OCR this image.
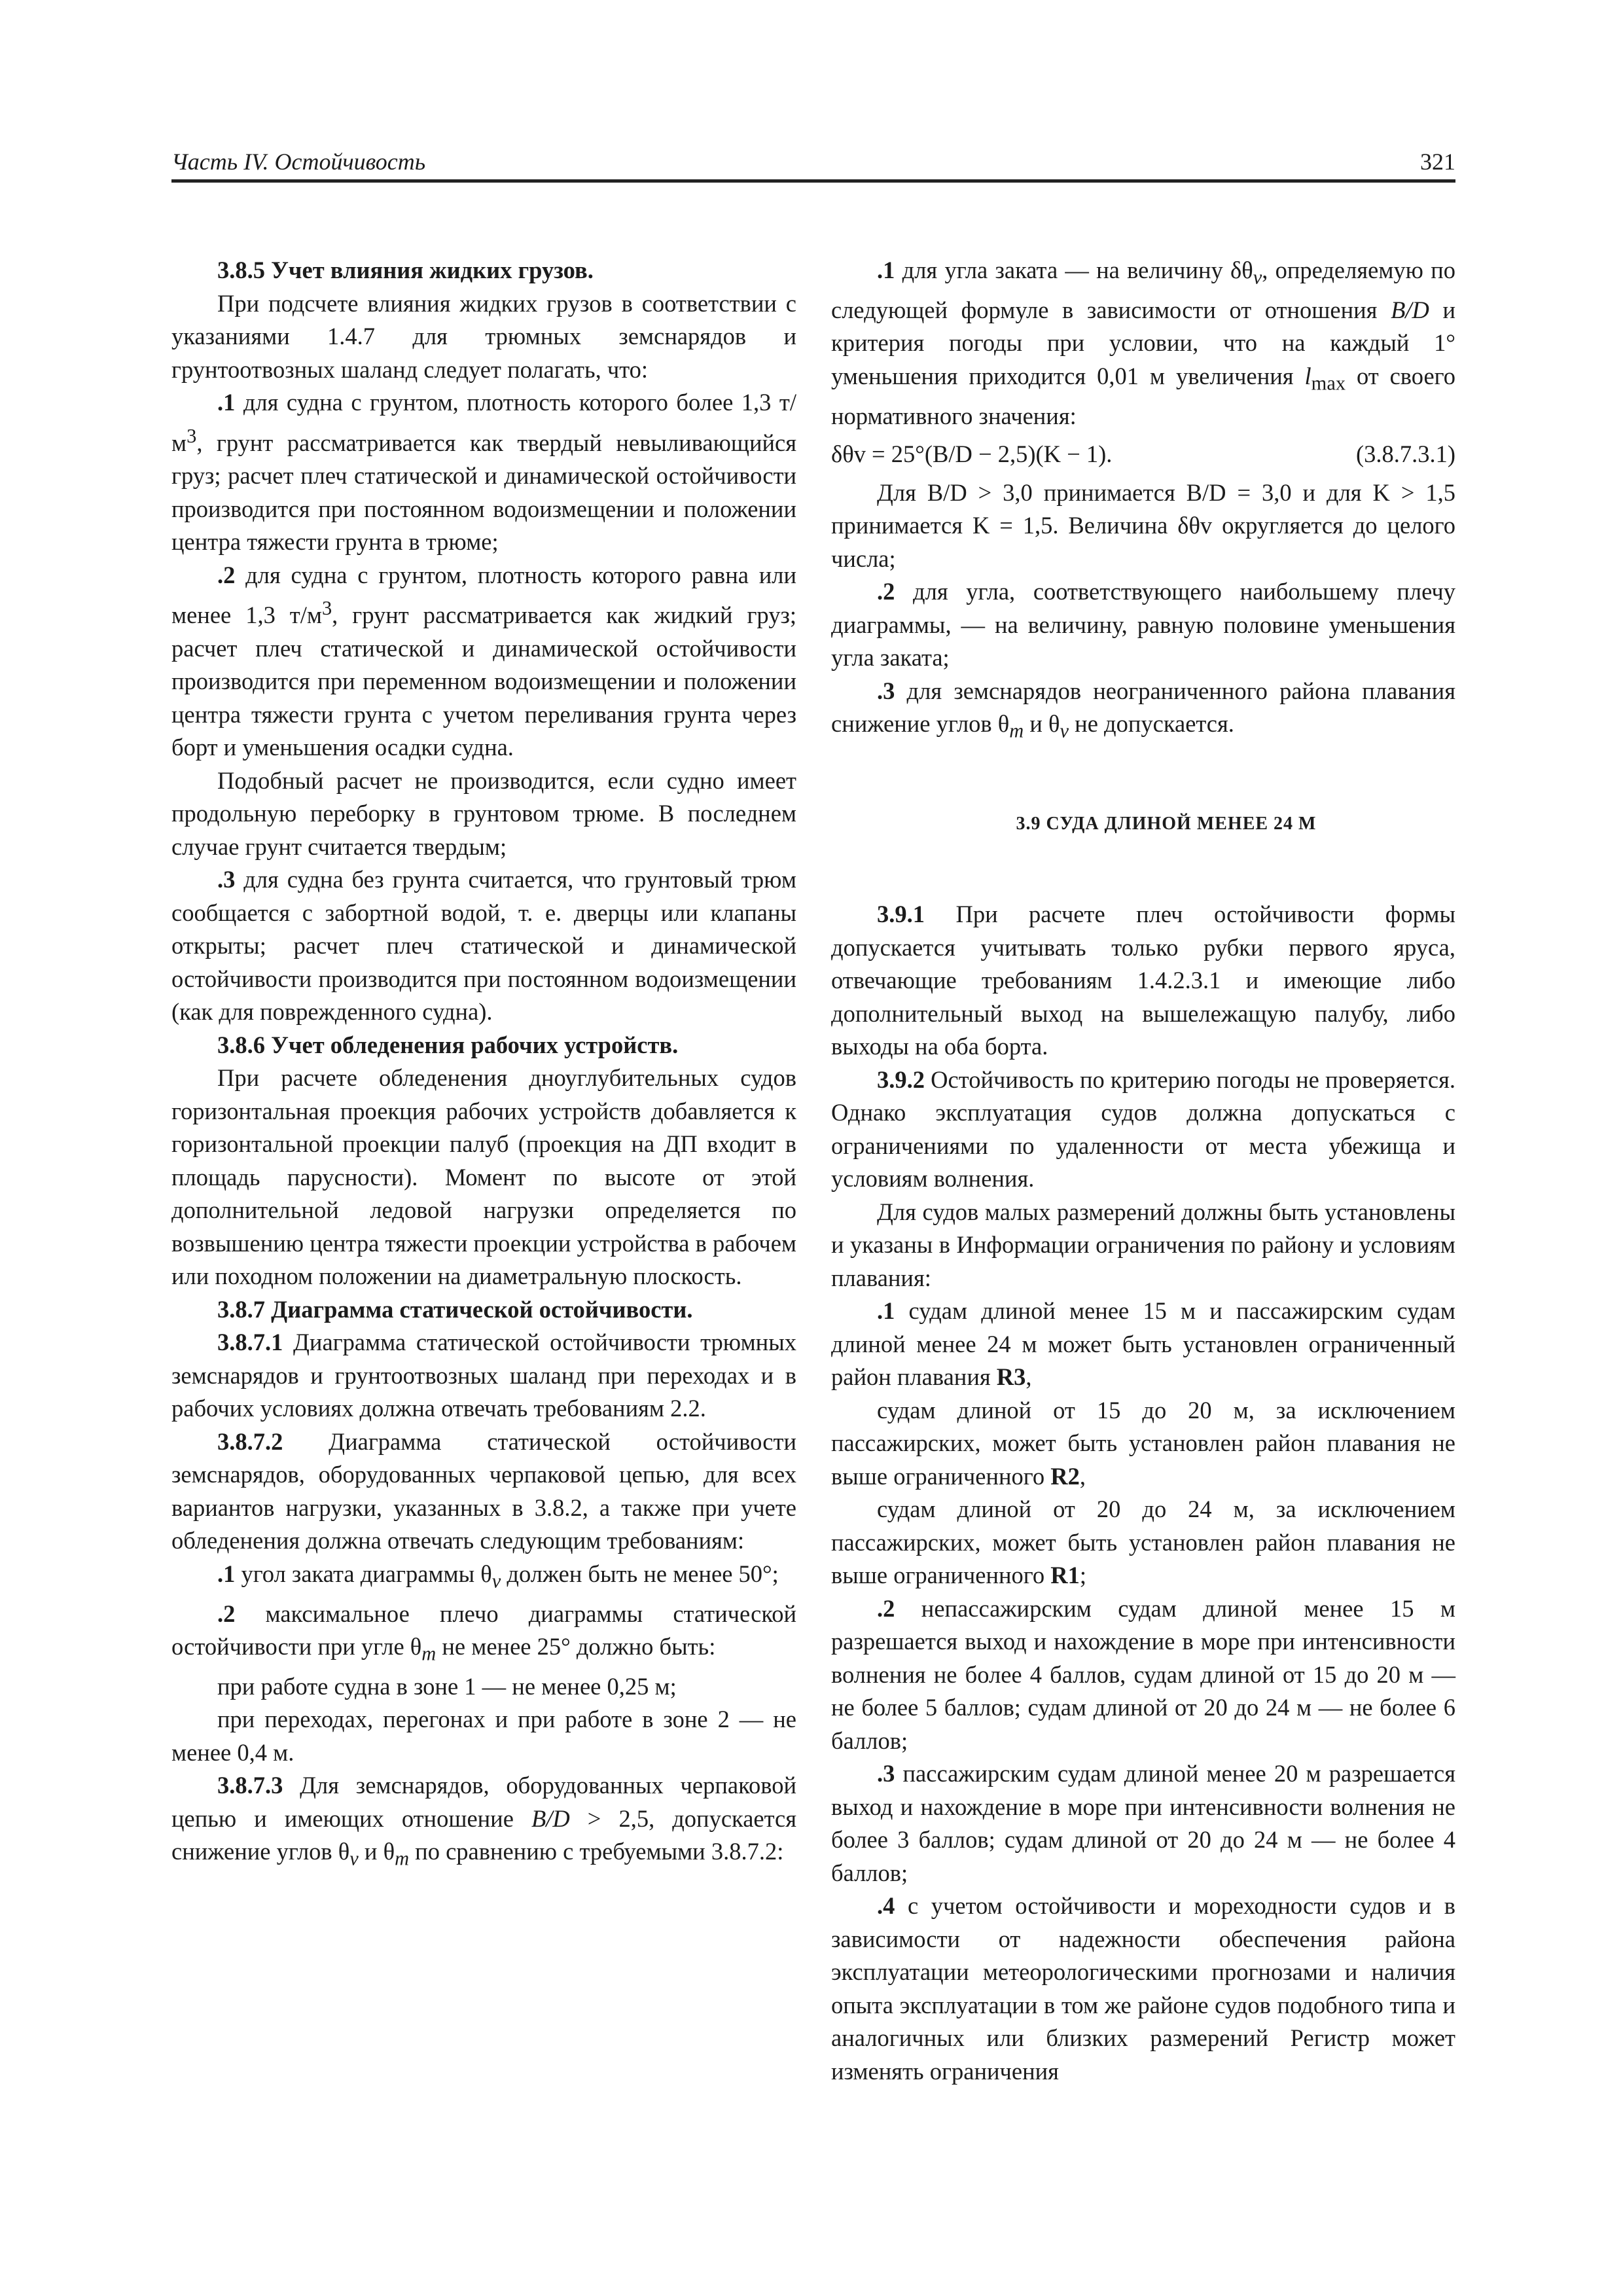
Часть IV. Остойчивость	321
3.8.5 Учет влияния жидких грузов.

При подсчете влияния жидких грузов в соответствии с указаниями 1.4.7 для трюмных земснарядов и грунтоотвозных шаланд следует полагать, что:

.1 для судна с грунтом, плотность которого более 1,3 $т/м^3$, грунт рассматривается как твердый невыливающийся груз; расчет плеч статической и динамической остойчивости производится при постоянном водоизмещении и положении центра тяжести грунта в трюме;

.2 для судна с грунтом, плотность которого равна или менее 1,3 $т/м^3$, грунт рассматривается как жидкий груз; расчет плеч статической и динамической остойчивости производится при переменном водоизмещении и положении центра тяжести грунта с учетом переливания грунта через борт и уменьшения осадки судна.

Подобный расчет не производится, если судно имеет продольную переборку в грунтовом трюме. В последнем случае грунт считается твердым;

.3 для судна без грунта считается, что грунтовый трюм сообщается с забортной водой, т. е. дверцы или клапаны открыты; расчет плеч статической и динамической остойчивости производится при постоянном водоизмещении (как для поврежденного судна).

3.8.6 Учет обледенения рабочих устройств.

При расчете обледенения дноуглубительных судов горизонтальная проекция рабочих устройств добавляется к горизонтальной проекции палуб (проекция на ДП входит в площадь парусности). Момент по высоте от этой дополнительной ледовой нагрузки определяется по возвышению центра тяжести проекции устройства в рабочем или походном положении на диаметральную плоскость.

3.8.7 Диаграмма статической остойчивости.

3.8.7.1 Диаграмма статической остойчивости трюмных земснарядов и грунтоотвозных шаланд при переходах и в рабочих условиях должна отвечать требованиям 2.2.

3.8.7.2 Диаграмма статической остойчивости земснарядов, оборудованных черпаковой цепью, для всех вариантов нагрузки, указанных в 3.8.2, а также при учете обледенения должна отвечать следующим требованиям:

.1 угол заката диаграммы $\theta_v$ должен быть не менее 50°;

.2 максимальное плечо диаграммы статической остойчивости при угле $\theta_m$ не менее 25° должно быть:

при работе судна в зоне 1 — не менее 0,25 м;

при переходах, перегонах и при работе в зоне 2 — не менее 0,4 м.

3.8.7.3 Для земснарядов, оборудованных черпаковой цепью и имеющих отношение B/D > 2,5, допускается снижение углов $\theta_v$ и $\theta_m$ по сравнению с требуемыми 3.8.7.2:

.1 для угла заката — на величину $\delta\theta_v$, определяемую по следующей формуле в зависимости от отношения B/D и критерия погоды при условии, что на каждый 1° уменьшения приходится 0,01 м увеличения $l_{max}$ от своего нормативного значения:

δθv = 25°(B/D − 2,5)(K − 1).	(3.8.7.3.1)

Для B/D > 3,0 принимается B/D = 3,0 и для K > 1,5 принимается K = 1,5. Величина δθv округляется до целого числа;

.2 для угла, соответствующего наибольшему плечу диаграммы, — на величину, равную половине уменьшения угла заката;

.3 для земснарядов неограниченного района плавания снижение углов $\theta_m$ и $\theta_v$ не допускается.

3.9 СУДА ДЛИНОЙ МЕНЕЕ 24 М

3.9.1 При расчете плеч остойчивости формы допускается учитывать только рубки первого яруса, отвечающие требованиям 1.4.2.3.1 и имеющие либо дополнительный выход на вышележащую палубу, либо выходы на оба борта.

3.9.2 Остойчивость по критерию погоды не проверяется. Однако эксплуатация судов должна допускаться с ограничениями по удаленности от места убежища и условиям волнения.

Для судов малых размерений должны быть установлены и указаны в Информации ограничения по району и условиям плавания:

.1 судам длиной менее 15 м и пассажирским судам длиной менее 24 м может быть установлен ограниченный район плавания R3,

судам длиной от 15 до 20 м, за исключением пассажирских, может быть установлен район плавания не выше ограниченного R2,

судам длиной от 20 до 24 м, за исключением пассажирских, может быть установлен район плавания не выше ограниченного R1;

.2 непассажирским судам длиной менее 15 м разрешается выход и нахождение в море при интенсивности волнения не более 4 баллов, судам длиной от 15 до 20 м — не более 5 баллов; судам длиной от 20 до 24 м — не более 6 баллов;

.3 пассажирским судам длиной менее 20 м разрешается выход и нахождение в море при интенсивности волнения не более 3 баллов; судам длиной от 20 до 24 м — не более 4 баллов;

.4 с учетом остойчивости и мореходности судов и в зависимости от надежности обеспечения района эксплуатации метеорологическими прогнозами и наличия опыта эксплуатации в том же районе судов подобного типа и аналогичных или близких размерений Регистр может изменять ограничения
